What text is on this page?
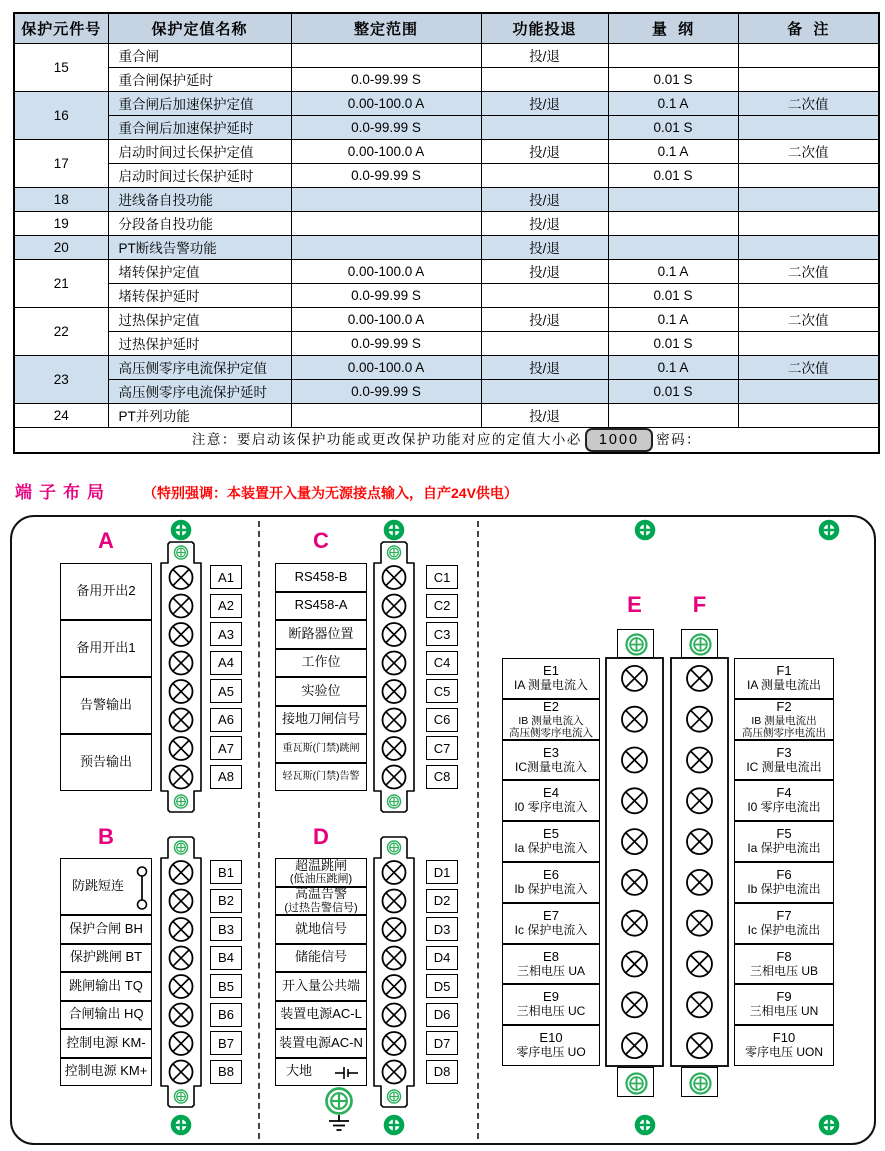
保护元件号	保护定值名称	整定范围	功能投退	量  纲	备  注
15	重合闸		投/退		
	重合闸保护延时	0.0-99.99 S		0.01 S	
16	重合闸后加速保护定值	0.00-100.0 A	投/退	0.1 A	二次值
	重合闸后加速保护延时	0.0-99.99 S		0.01 S	
17	启动时间过长保护定值	0.00-100.0 A	投/退	0.1 A	二次值
	启动时间过长保护延时	0.0-99.99 S		0.01 S	
18	进线备自投功能		投/退		
19	分段备自投功能		投/退		
20	PT断线告警功能		投/退		
21	堵转保护定值	0.00-100.0 A	投/退	0.1 A	二次值
	堵转保护延时	0.0-99.99 S		0.01 S	
22	过热保护定值	0.00-100.0 A	投/退	0.1 A	二次值
	过热保护延时	0.0-99.99 S		0.01 S	
23	高压侧零序电流保护定值	0.00-100.0 A	投/退	0.1 A	二次值
	高压侧零序电流保护延时	0.0-99.99 S		0.01 S	
24	PT并列功能		投/退		
注意：要启动该保护功能或更改保护功能对应的定值大小必 1000 密码：					
端子布局 （特别强调：本装置开入量为无源接点输入，自产24V供电）
A
备用开出2
备用开出1
告警输出
预告输出
A1
A2
A3
A4
A5
A6
A7
A8
B
防跳短连
保护合闸 BH
保护跳闸 BT
跳闸输出 TQ
合闸输出 HQ
控制电源 KM-
控制电源 KM+
B1
B2
B3
B4
B5
B6
B7
B8
C
RS458-B
RS458-A
断路器位置
工作位
实验位
接地刀闸信号
重瓦斯(门禁)跳闸
轻瓦斯(门禁)告警
C1
C2
C3
C4
C5
C6
C7
C8
D
超温跳闸
(低油压跳闸)
高温告警
(过热告警信号)
就地信号
储能信号
开入量公共端
装置电源AC-L
装置电源AC-N
大地
D1
D2
D3
D4
D5
D6
D7
D8
E	F
E1
IA 测量电流入
E2
IB 测量电流入
高压侧零序电流入
E3
IC测量电流入
E4
I0 零序电流入
E5
Ia 保护电流入
E6
Ib 保护电流入
E7
Ic 保护电流入
E8
三相电压 UA
E9
三相电压 UC
E10
零序电压 UO
F1
IA 测量电流出
F2
IB 测量电流出
高压侧零序电流出
F3
IC 测量电流出
F4
I0 零序电流出
F5
Ia 保护电流出
F6
Ib 保护电流出
F7
Ic 保护电流出
F8
三相电压 UB
F9
三相电压 UN
F10
零序电压 UON
